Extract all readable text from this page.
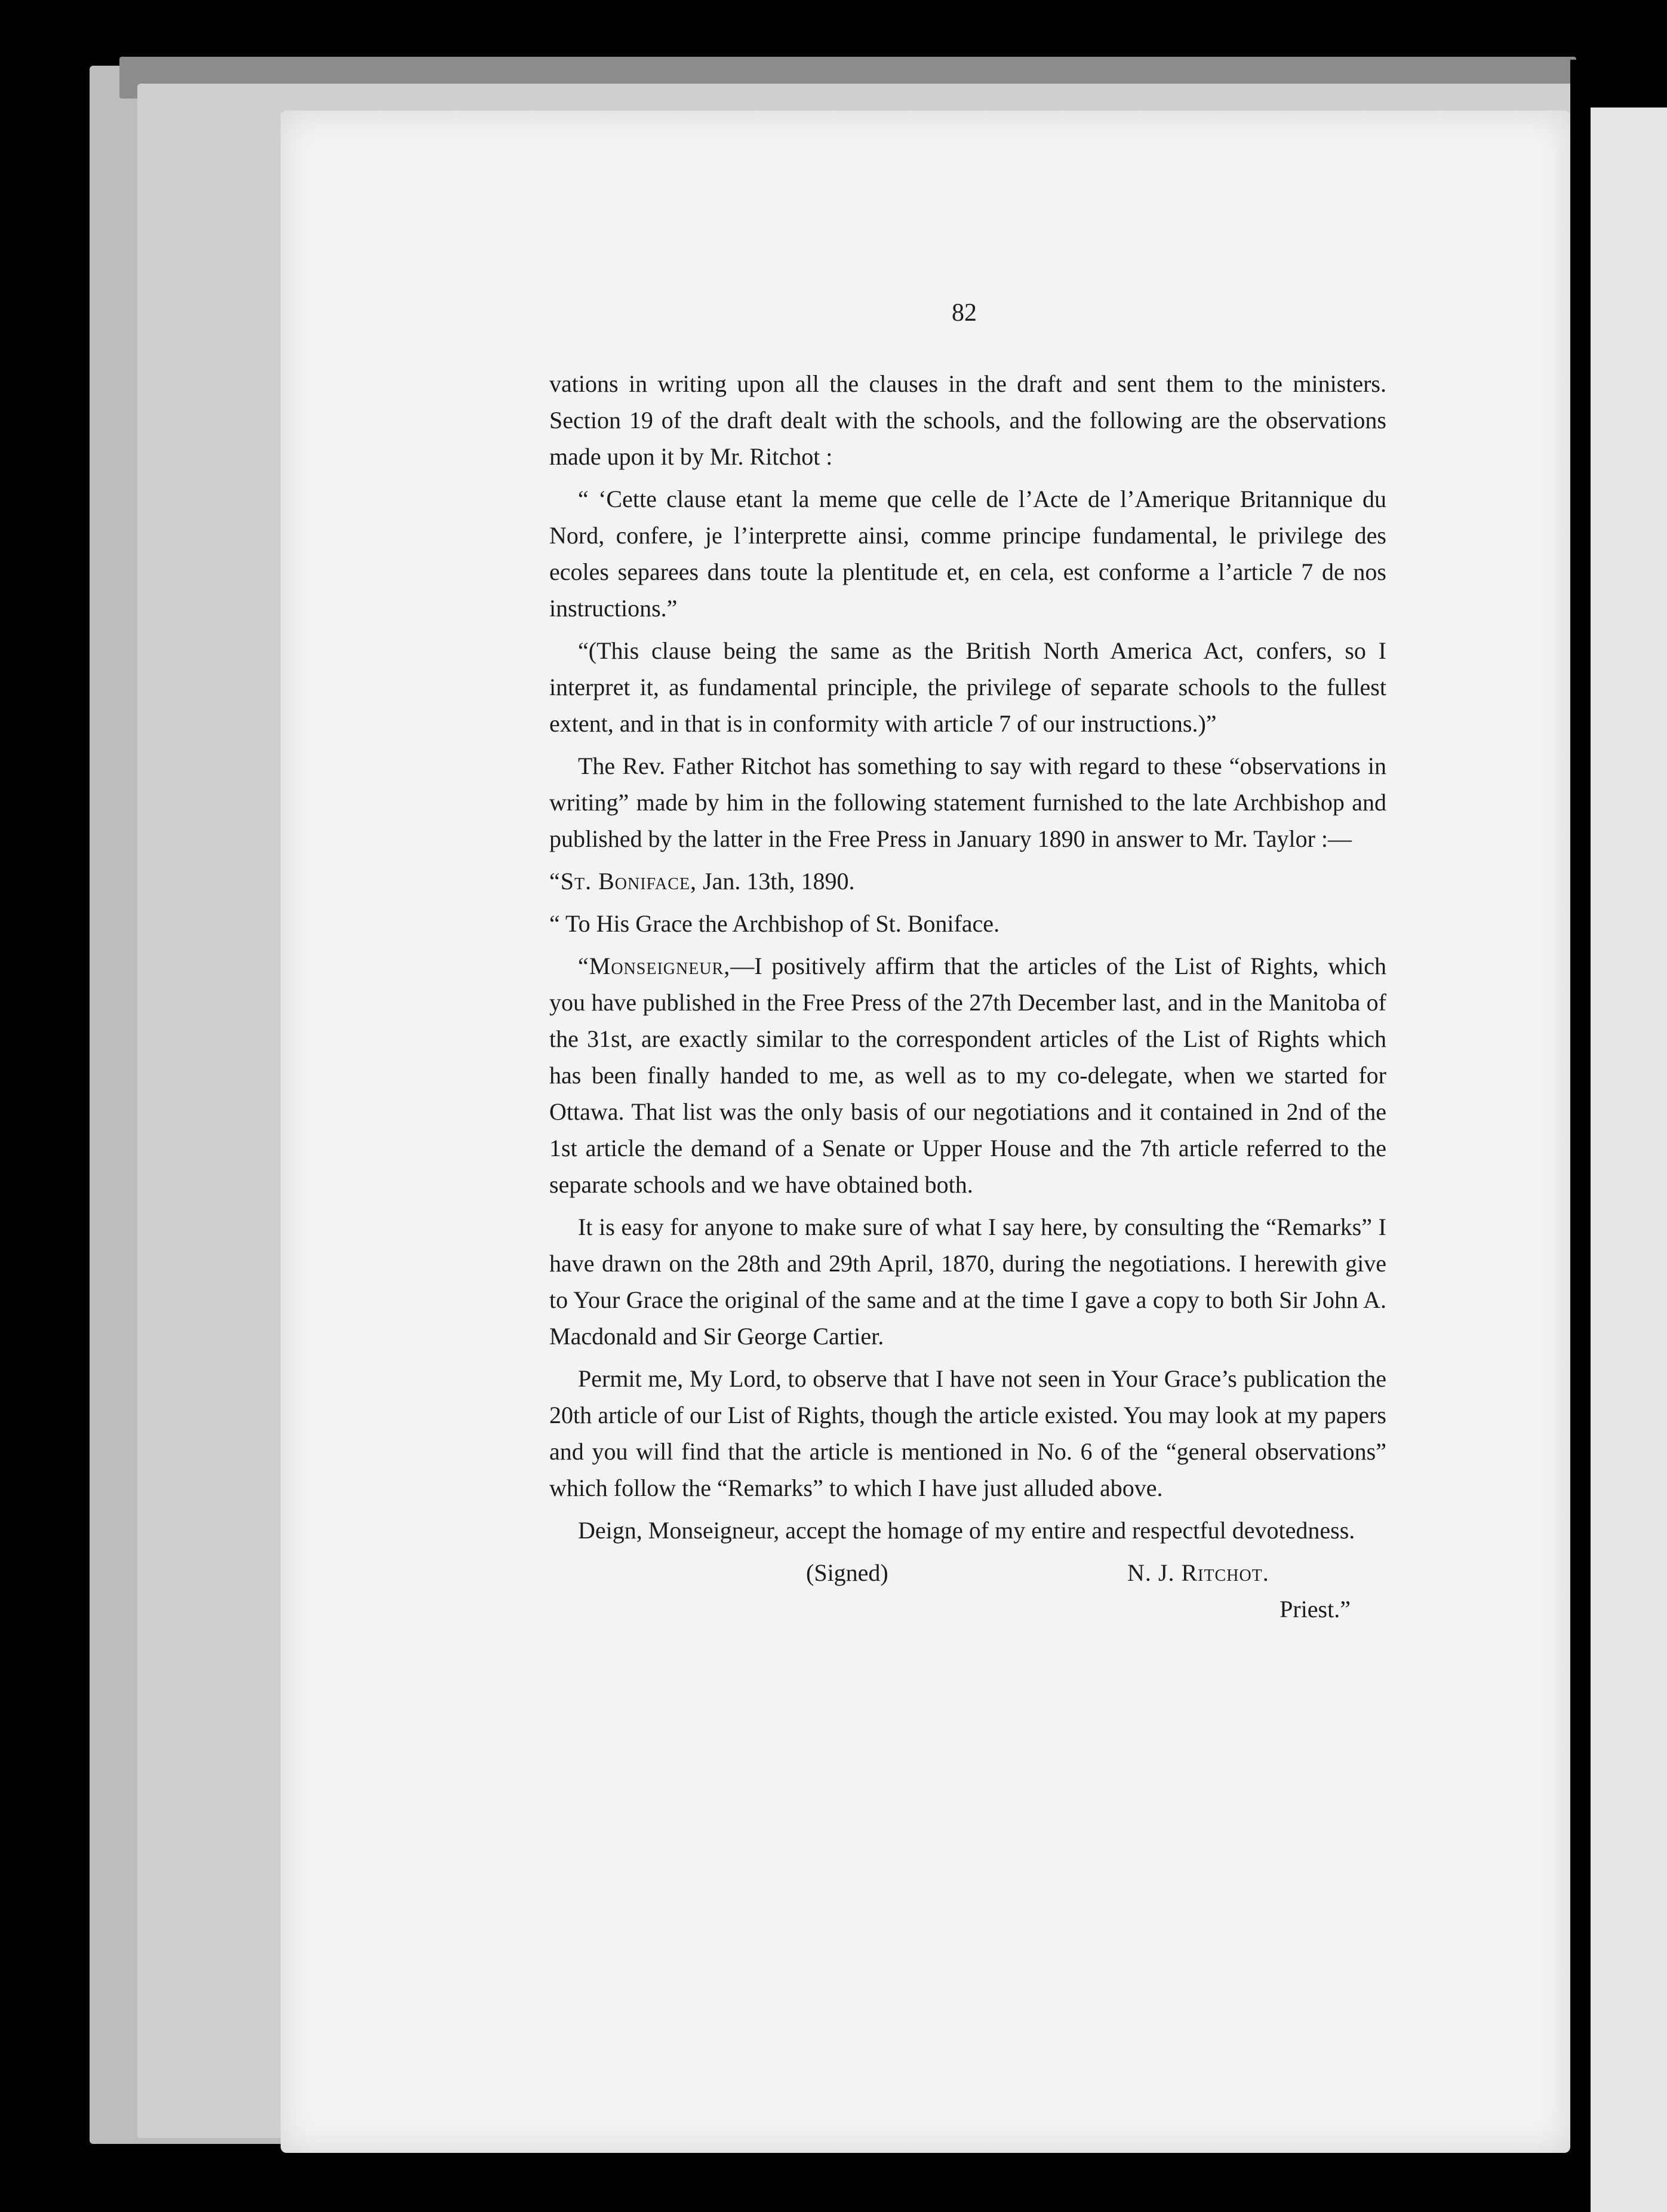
82

vations in writing upon all the clauses in the draft and sent them to the ministers. Section 19 of the draft dealt with the schools, and the following are the observations made upon it by Mr. Ritchot :

“ ‘Cette clause etant la meme que celle de l’Acte de l’Amerique Britannique du Nord, confere, je l’interprette ainsi, comme principe fundamental, le privilege des ecoles separees dans toute la plentitude et, en cela, est conforme a l’article 7 de nos instructions.”

“(This clause being the same as the British North America Act, confers, so I interpret it, as fundamental principle, the privilege of separate schools to the fullest extent, and in that is in conformity with article 7 of our instructions.)”

The Rev. Father Ritchot has something to say with regard to these “observations in writing” made by him in the following statement furnished to the late Archbishop and published by the latter in the Free Press in January 1890 in answer to Mr. Taylor :—

“St. Boniface, Jan. 13th, 1890.

“ To His Grace the Archbishop of St. Boniface.

“Monseigneur,—I positively affirm that the articles of the List of Rights, which you have published in the Free Press of the 27th December last, and in the Manitoba of the 31st, are exactly similar to the correspondent articles of the List of Rights which has been finally handed to me, as well as to my co-delegate, when we started for Ottawa. That list was the only basis of our negotiations and it contained in 2nd of the 1st article the demand of a Senate or Upper House and the 7th article referred to the separate schools and we have obtained both.

It is easy for anyone to make sure of what I say here, by consulting the “Remarks” I have drawn on the 28th and 29th April, 1870, during the negotiations. I herewith give to Your Grace the original of the same and at the time I gave a copy to both Sir John A. Macdonald and Sir George Cartier.

Permit me, My Lord, to observe that I have not seen in Your Grace’s publication the 20th article of our List of Rights, though the article existed. You may look at my papers and you will find that the article is mentioned in No. 6 of the “general observations” which follow the “Remarks” to which I have just alluded above.

Deign, Monseigneur, accept the homage of my entire and respectful devotedness.

(Signed)	N. J. Ritchot.
Priest.”
